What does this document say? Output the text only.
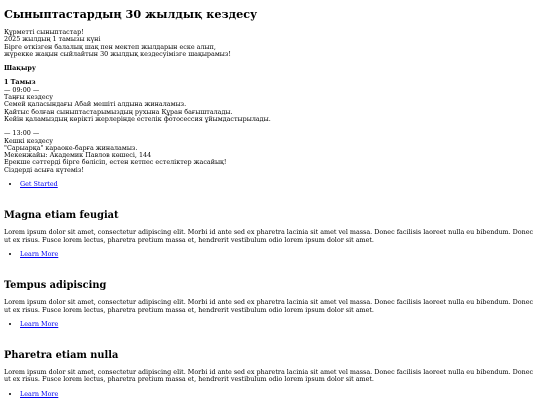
Сыныптастардың 30 жылдық кездесу
Құрметті сыныптастар!
2025 жылдың 1 тамызы күні
Бірге өткізген балалық шақ пен мектеп жылдарын еске алып,
жүрекке жақын сыйлайтын 30 жылдық кездесуімізге шақырамыз!
Шақыру
1 Тамыз
— 09:00 —
Таңғы кездесу
Семей қаласындағы Абай мешіті алдына жиналамыз.
Қайтыс болған сыныптастарымыздың рухына Құран бағышталады.
Кейін қаламыздың көрікті жерлерінде естелік фотосессия ұйымдастырылады.
— 13:00 —
Кешкі кездесу
"Сарыарқа" караоке-барға жиналамыз.
Мекенжайы: Академик Павлов көшесі, 144
Ерекше сәттерді бірге бөлісіп, естен кетпес естеліктер жасайық!
Сіздерді асыға күтеміз!
• Get Started
Magna etiam feugiat

Lorem ipsum dolor sit amet, consectetur adipiscing elit. Morbi id ante sed ex pharetra lacinia sit amet vel massa. Donec facilisis laoreet nulla eu bibendum. Donec ut ex risus. Fusce lorem lectus, pharetra pretium massa et, hendrerit vestibulum odio lorem ipsum dolor sit amet.

• Learn More
Tempus adipiscing

Lorem ipsum dolor sit amet, consectetur adipiscing elit. Morbi id ante sed ex pharetra lacinia sit amet vel massa. Donec facilisis laoreet nulla eu bibendum. Donec ut ex risus. Fusce lorem lectus, pharetra pretium massa et, hendrerit vestibulum odio lorem ipsum dolor sit amet.

• Learn More
Pharetra etiam nulla

Lorem ipsum dolor sit amet, consectetur adipiscing elit. Morbi id ante sed ex pharetra lacinia sit amet vel massa. Donec facilisis laoreet nulla eu bibendum. Donec ut ex risus. Fusce lorem lectus, pharetra pretium massa et, hendrerit vestibulum odio lorem ipsum dolor sit amet.

• Learn More
